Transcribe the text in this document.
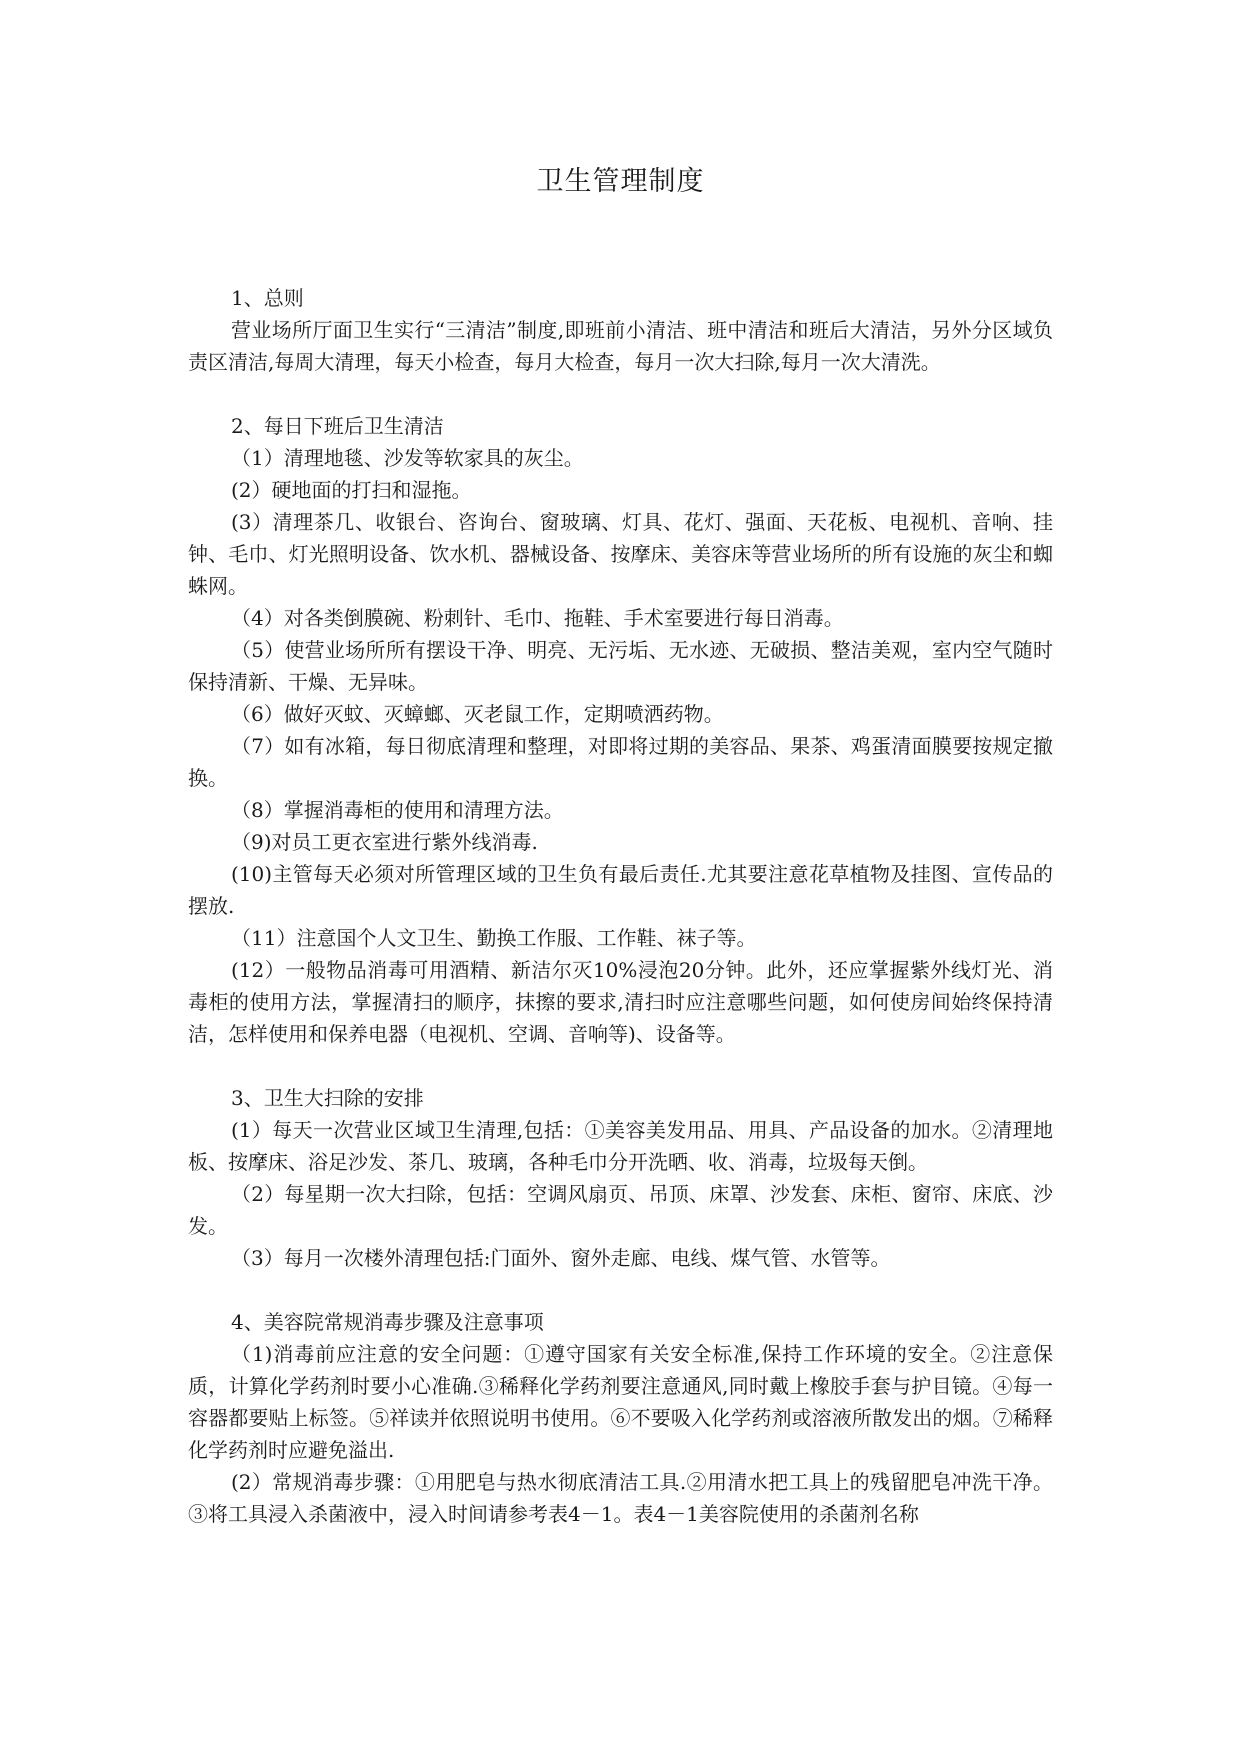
卫生管理制度

1、总则

营业场所厅面卫生实行“三清洁”制度,即班前小清洁、班中清洁和班后大清洁，另外分区域负责区清洁,每周大清理，每天小检查，每月大检查，每月一次大扫除,每月一次大清洗。

2、每日下班后卫生清洁

（1）清理地毯、沙发等软家具的灰尘。

(2）硬地面的打扫和湿拖。

(3）清理茶几、收银台、咨询台、窗玻璃、灯具、花灯、强面、天花板、电视机、音响、挂钟、毛巾、灯光照明设备、饮水机、器械设备、按摩床、美容床等营业场所的所有设施的灰尘和蜘蛛网。

（4）对各类倒膜碗、粉刺针、毛巾、拖鞋、手术室要进行每日消毒。

（5）使营业场所所有摆设干净、明亮、无污垢、无水迹、无破损、整洁美观，室内空气随时保持清新、干燥、无异味。

（6）做好灭蚊、灭蟑螂、灭老鼠工作，定期喷洒药物。

（7）如有冰箱，每日彻底清理和整理，对即将过期的美容品、果茶、鸡蛋清面膜要按规定撤换。

（8）掌握消毒柜的使用和清理方法。

（9)对员工更衣室进行紫外线消毒.

(10)主管每天必须对所管理区域的卫生负有最后责任.尤其要注意花草植物及挂图、宣传品的摆放.

（11）注意国个人文卫生、勤换工作服、工作鞋、袜子等。

(12）一般物品消毒可用酒精、新洁尔灭10%浸泡20分钟。此外，还应掌握紫外线灯光、消毒柜的使用方法，掌握清扫的顺序，抹擦的要求,清扫时应注意哪些问题，如何使房间始终保持清洁，怎样使用和保养电器（电视机、空调、音响等)、设备等。

3、卫生大扫除的安排

(1）每天一次营业区域卫生清理,包括：①美容美发用品、用具、产品设备的加水。②清理地板、按摩床、浴足沙发、茶几、玻璃，各种毛巾分开洗晒、收、消毒，垃圾每天倒。

（2）每星期一次大扫除，包括：空调风扇页、吊顶、床罩、沙发套、床柜、窗帘、床底、沙发。

（3）每月一次楼外清理包括:门面外、窗外走廊、电线、煤气管、水管等。

4、美容院常规消毒步骤及注意事项

（1)消毒前应注意的安全问题：①遵守国家有关安全标准,保持工作环境的安全。②注意保质，计算化学药剂时要小心准确.③稀释化学药剂要注意通风,同时戴上橡胶手套与护目镜。④每一容器都要贴上标签。⑤祥读并依照说明书使用。⑥不要吸入化学药剂或溶液所散发出的烟。⑦稀释化学药剂时应避免溢出.

(2）常规消毒步骤：①用肥皂与热水彻底清洁工具.②用清水把工具上的残留肥皂冲洗干净。③将工具浸入杀菌液中，浸入时间请参考表4－1。表4－1美容院使用的杀菌剂名称
